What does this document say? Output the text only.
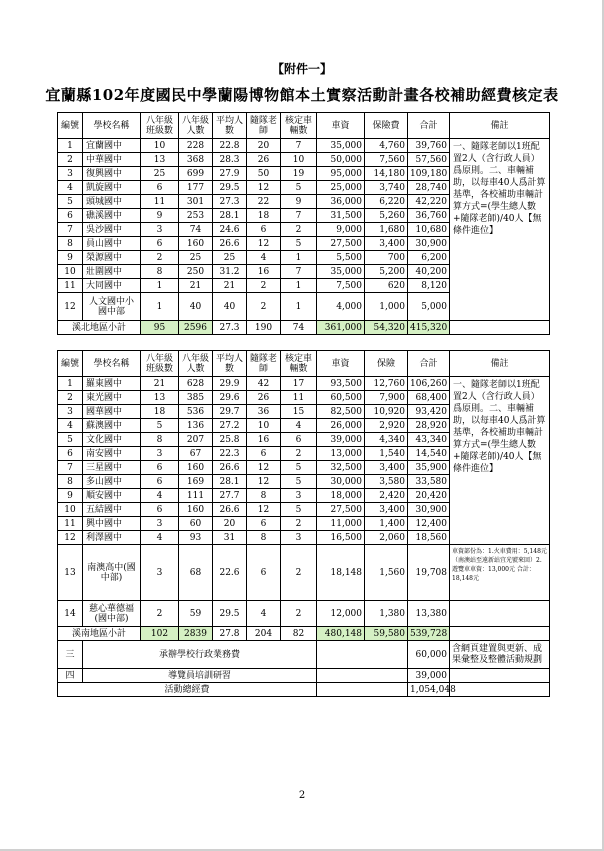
【附件一】
宜蘭縣102年度國民中學蘭陽博物館本土實察活動計畫各校補助經費核定表
編號	學校名稱	八年級班級數	八年級人數	平均人數	隨隊老師	核定車輛數	車資	保險費	合計	備註
1	宜蘭國中	10	228	22.8	20	7	35,000	4,760	39,760	一、隨隊老師以1班配置2人（含行政人員）爲原則。二、車輛補助，以每車40人爲計算基準，各校補助車輛計算方式=(學生總人數+隨隊老師)/40人【無條件進位】
2	中華國中	13	368	28.3	26	10	50,000	7,560	57,560	
3	復興國中	25	699	27.9	50	19	95,000	14,180	109,180	
4	凱旋國中	6	177	29.5	12	5	25,000	3,740	28,740	
5	頭城國中	11	301	27.3	22	9	36,000	6,220	42,220	
6	礁溪國中	9	253	28.1	18	7	31,500	5,260	36,760	
7	吳沙國中	3	74	24.6	6	2	9,000	1,680	10,680	
8	員山國中	6	160	26.6	12	5	27,500	3,400	30,900	
9	榮源國中	2	25	25	4	1	5,500	700	6,200	
10	壯圍國中	8	250	31.2	16	7	35,000	5,200	40,200	
11	大同國中	1	21	21	2	1	7,500	620	8,120	
12	人文國中小國中部	1	40	40	2	1	4,000	1,000	5,000	
溪北地區小計		95	2596	27.3	190	74	361,000	54,320	415,320	
編號	學校名稱	八年級班級數	八年級人數	平均人數	隨隊老師	核定車輛數	車資	保險	合計	備註
1	羅東國中	21	628	29.9	42	17	93,500	12,760	106,260	一、隨隊老師以1班配置2人（含行政人員）爲原則。二、車輛補助，以每車40人爲計算基準，各校補助車輛計算方式=(學生總人數+隨隊老師)/40人【無條件進位】
2	東光國中	13	385	29.6	26	11	60,500	7,900	68,400	
3	國華國中	18	536	29.7	36	15	82,500	10,920	93,420	
4	蘇澳國中	5	136	27.2	10	4	26,000	2,920	28,920	
5	文化國中	8	207	25.8	16	6	39,000	4,340	43,340	
6	南安國中	3	67	22.3	6	2	13,000	1,540	14,540	
7	三星國中	6	160	26.6	12	5	32,500	3,400	35,900	
8	多山國中	6	169	28.1	12	5	30,000	3,580	33,580	
9	順安國中	4	111	27.7	8	3	18,000	2,420	20,420	
10	五結國中	6	160	26.6	12	5	27,500	3,400	30,900	
11	興中國中	3	60	20	6	2	11,000	1,400	12,400	
12	利澤國中	4	93	31	8	3	16,500	2,060	18,560	
13	南澳高中(國中部)	3	68	22.6	6	2	18,148	1,560	19,708	車資部份為：1.火車費用：5,148元（南澳站至遠新站宜光號來回）2.遊覽車車資：13,000元 合計：18,148元
14	慈心華德福(國中部)	2	59	29.5	4	2	12,000	1,380	13,380	
溪南地區小計		102	2839	27.8	204	82	480,148	59,580	539,728	
三	承辦學校行政業務費								60,000	含網頁建置與更新、成果彙整及整體活動規劃
四	導覽員培訓研習								39,000	
活動總經費									1,054,048	
2
